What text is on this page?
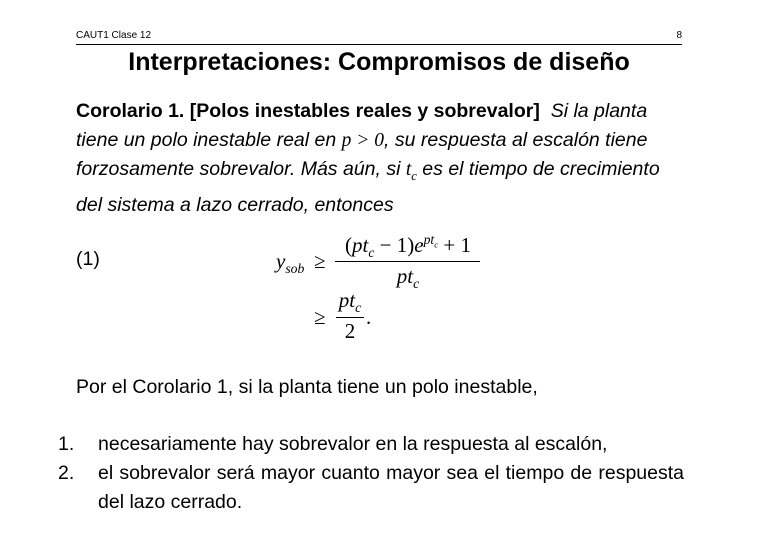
CAUT1 Clase 12	8
Interpretaciones: Compromisos de diseño
Corolario 1. [Polos inestables reales y sobrevalor] Si la planta tiene un polo inestable real en p > 0, su respuesta al escalón tiene forzosamente sobrevalor. Más aún, si $t_c$ es el tiempo de crecimiento del sistema a lazo cerrado, entonces
(1)	$y_{sob}$ ≥
$(pt_c - 1)e^{pt_c} + 1$
$pt_c$
≥
$pt_c$
2
.
Por el Corolario 1, si la planta tiene un polo inestable,
1. necesariamente hay sobrevalor en la respuesta al escalón,
2. el sobrevalor será mayor cuanto mayor sea el tiempo de respuesta del lazo cerrado.
